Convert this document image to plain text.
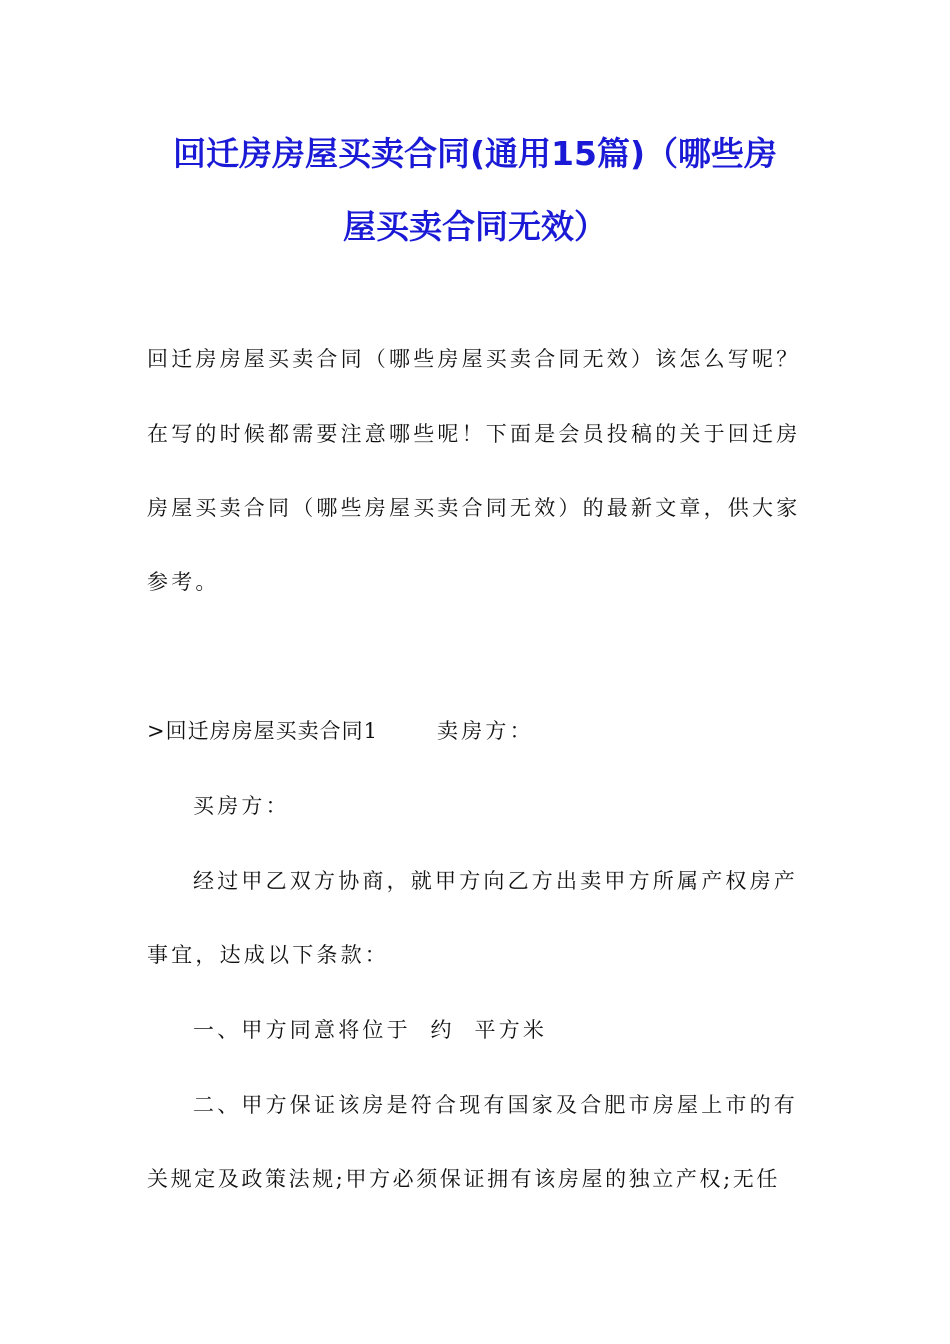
回迁房房屋买卖合同(通用15篇)（哪些房
屋买卖合同无效）

回迁房房屋买卖合同（哪些房屋买卖合同无效）该怎么写呢？

在写的时候都需要注意哪些呢！下面是会员投稿的关于回迁房

房屋买卖合同（哪些房屋买卖合同无效）的最新文章，供大家

参考。

>回迁房房屋买卖合同1	卖房方：

买房方：

经过甲乙双方协商，就甲方向乙方出卖甲方所属产权房产

事宜，达成以下条款：

一、甲方同意将位于  约  平方米

二、甲方保证该房是符合现有国家及合肥市房屋上市的有

关规定及政策法规;甲方必须保证拥有该房屋的独立产权;无任
